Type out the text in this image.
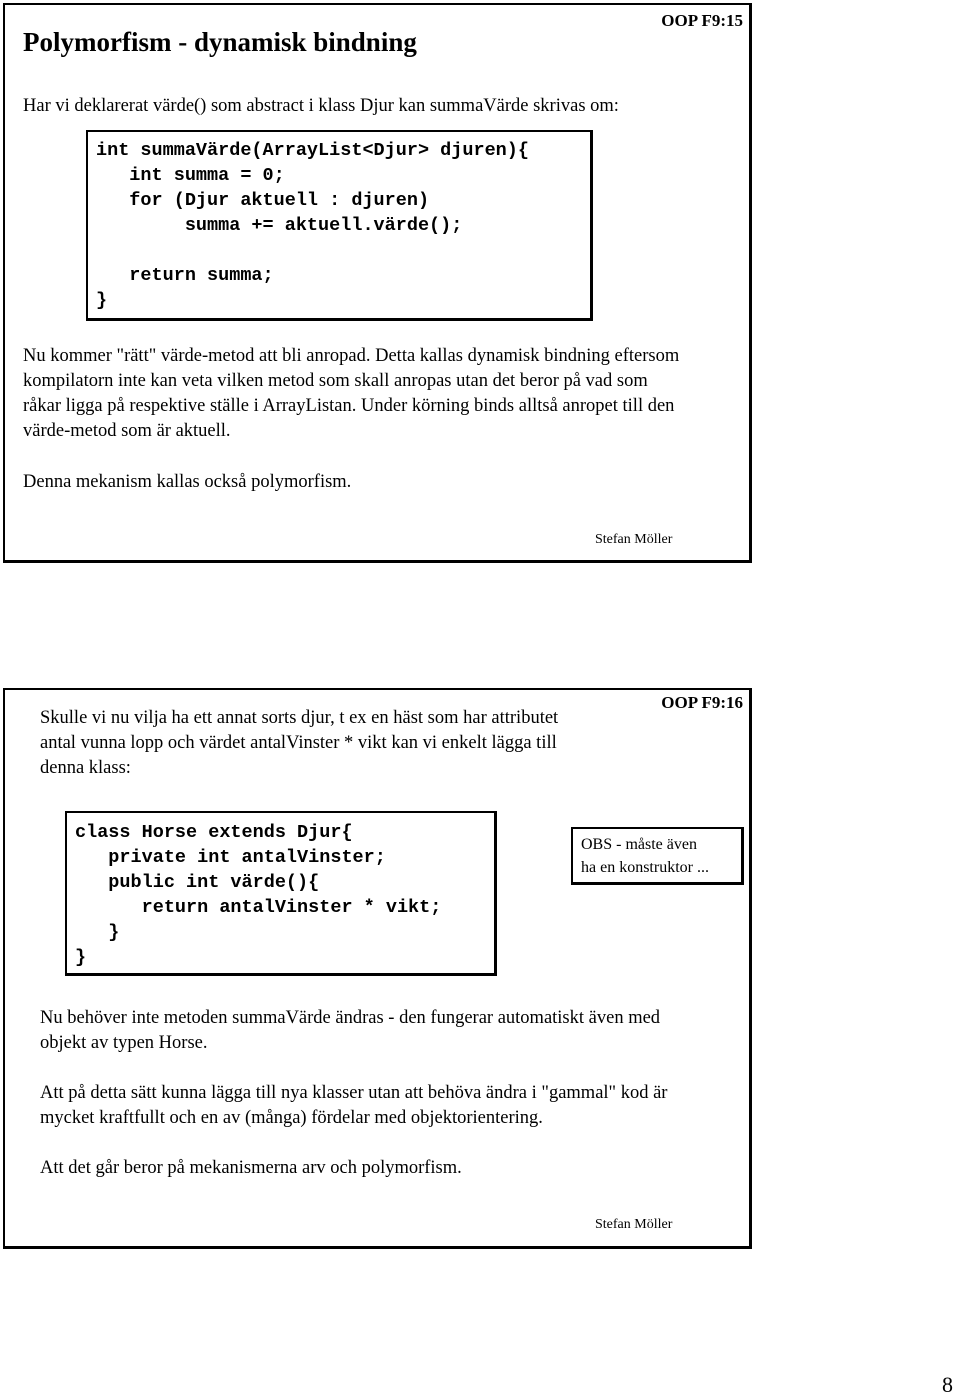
Polymorfism - dynamisk bindning
OOP F9:15
Har vi deklarerat värde() som abstract i klass Djur kan summaVärde skrivas om:
int summaVärde(ArrayList<Djur> djuren){
int summa = 0;
for (Djur aktuell : djuren)
summa += aktuell.värde();

return summa;
}
Nu kommer "rätt" värde-metod att bli anropad. Detta kallas dynamisk bindning eftersom kompilatorn inte kan veta vilken metod som skall anropas utan det beror på vad som råkar ligga på respektive ställe i ArrayListan. Under körning binds alltså anropet till den värde-metod som är aktuell.
Denna mekanism kallas också polymorfism.
Stefan Möller
OOP F9:16
Skulle vi nu vilja ha ett annat sorts djur, t ex en häst som har attributet antal vunna lopp och värdet antalVinster * vikt kan vi enkelt lägga till denna klass:
class Horse extends Djur{
private int antalVinster;
public int värde(){
return antalVinster * vikt;
}
}
OBS - måste även
ha en konstruktor ...
Nu behöver inte metoden summaVärde ändras - den fungerar automatiskt även med objekt av typen Horse.
Att på detta sätt kunna lägga till nya klasser utan att behöva ändra i "gammal" kod är mycket kraftfullt och en av (många) fördelar med objektorientering.
Att det går beror på mekanismerna arv och polymorfism.
Stefan Möller
8
